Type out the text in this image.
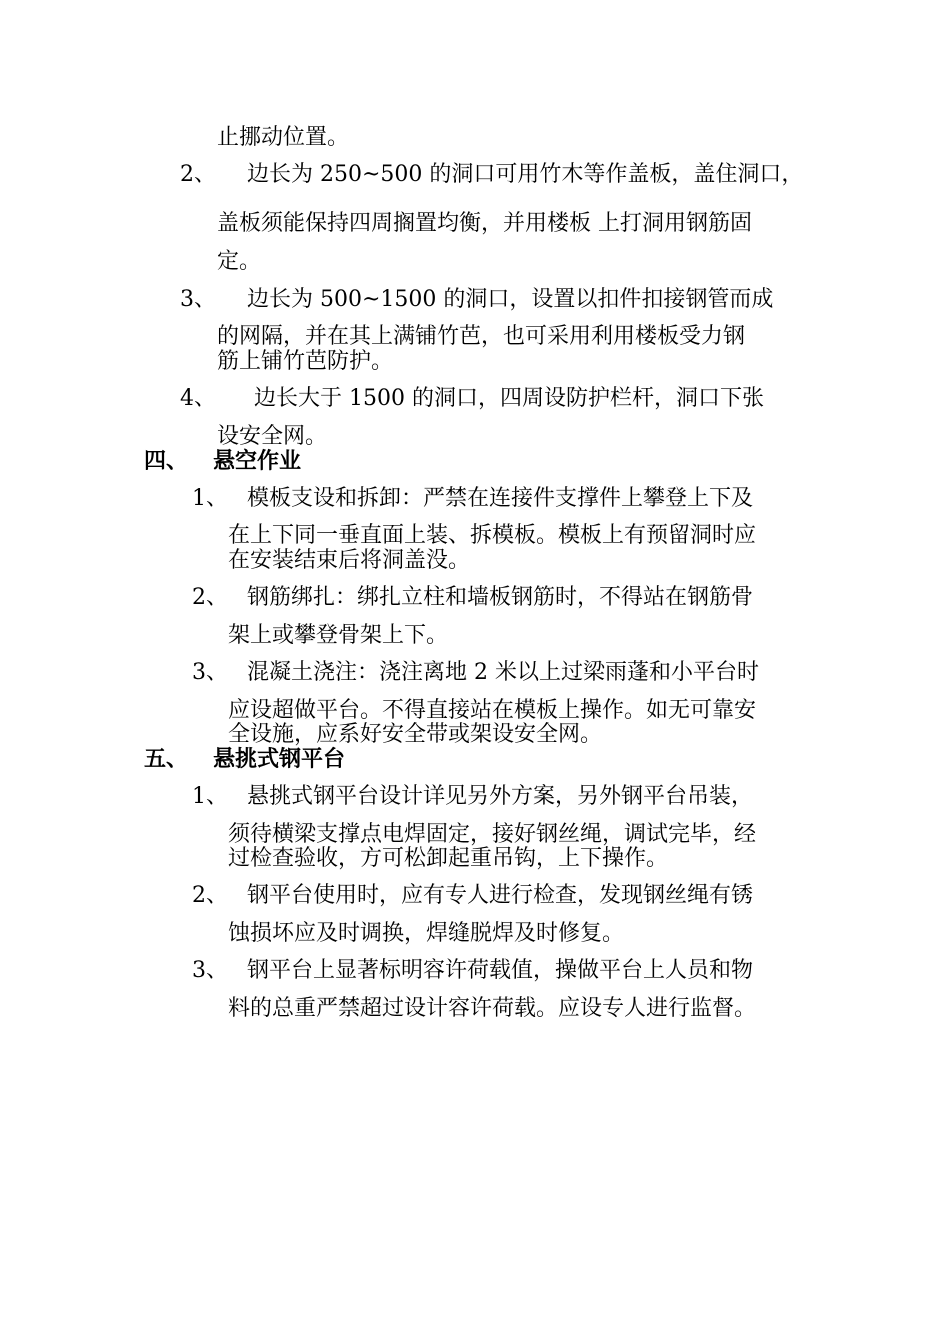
止挪动位置。
2、 边长为 250~500 的洞口可用竹木等作盖板，盖住洞口，
盖板须能保持四周搁置均衡，并用楼板 上打洞用钢筋固
定。
3、 边长为 500~1500 的洞口，设置以扣件扣接钢管而成
的网隔，并在其上满铺竹芭，也可采用利用楼板受力钢
筋上铺竹芭防护。
4、 边长大于 1500 的洞口，四周设防护栏杆，洞口下张
设安全网。
四、 悬空作业
1、 模板支设和拆卸：严禁在连接件支撑件上攀登上下及
在上下同一垂直面上装、拆模板。模板上有预留洞时应
在安装结束后将洞盖没。
2、 钢筋绑扎：绑扎立柱和墙板钢筋时，不得站在钢筋骨
架上或攀登骨架上下。
3、 混凝土浇注：浇注离地 2 米以上过梁雨蓬和小平台时
应设超做平台。不得直接站在模板上操作。如无可靠安
全设施，应系好安全带或架设安全网。
五、 悬挑式钢平台
1、 悬挑式钢平台设计详见另外方案，另外钢平台吊装，
须待横梁支撑点电焊固定，接好钢丝绳，调试完毕，经
过检查验收，方可松卸起重吊钩，上下操作。
2、 钢平台使用时，应有专人进行检查，发现钢丝绳有锈
蚀损坏应及时调换，焊缝脱焊及时修复。
3、 钢平台上显著标明容许荷载值，操做平台上人员和物
料的总重严禁超过设计容许荷载。应设专人进行监督。
